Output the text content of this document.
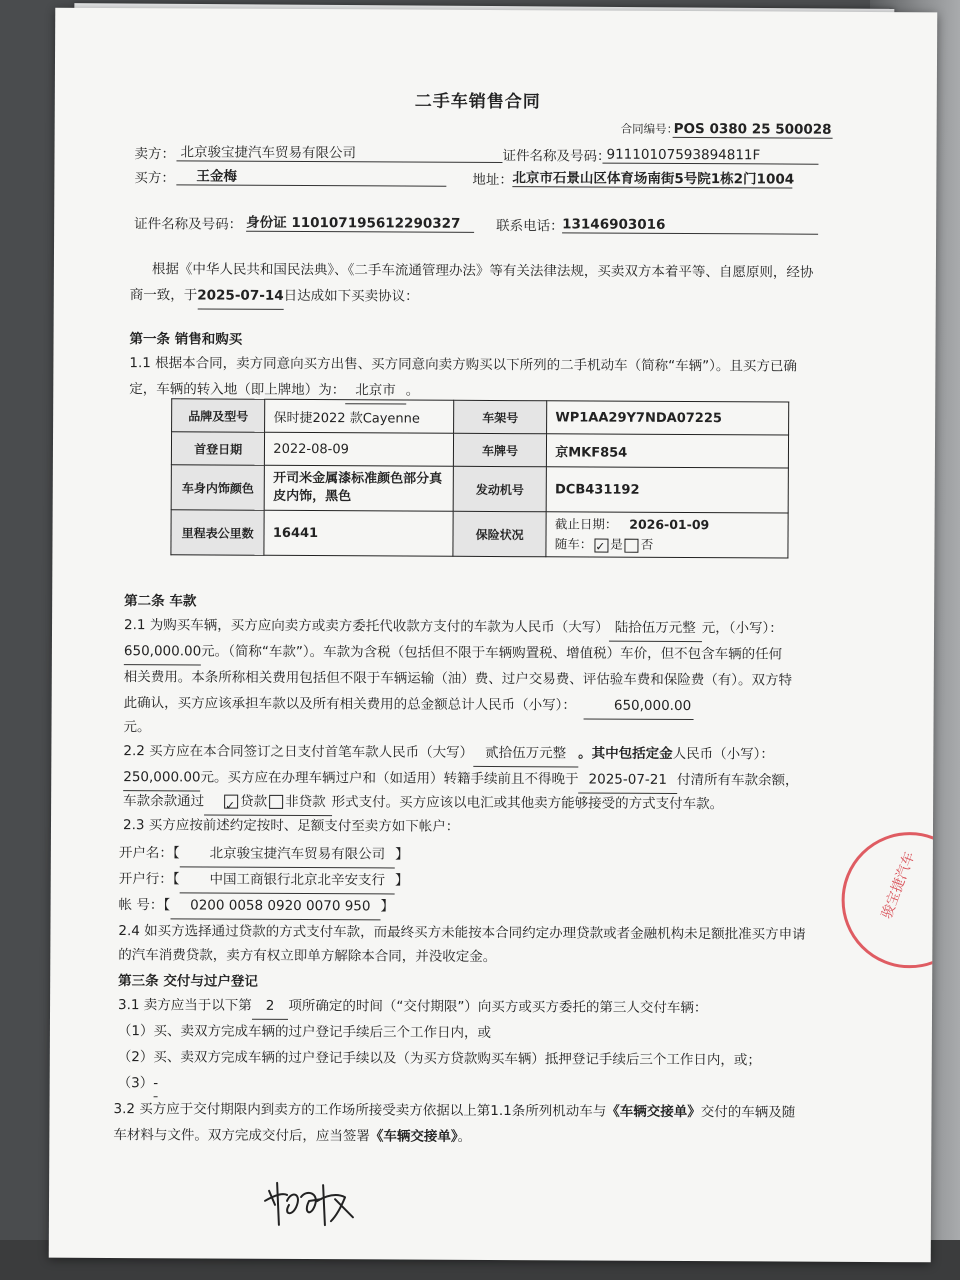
二手车销售合同
合同编号：
POS 0380 25 500028
卖方： 北京骏宝捷汽车贸易有限公司	证件名称及号码：
91110107593894811F
买方：	王金梅	地址： 北京市石景山区体育场南街5号院1栋2门1004
证件名称及号码： 身份证 110107195612290327	联系电话：
13146903016
根据《中华人民共和国民法典》、《二手车流通管理办法》等有关法律法规，买卖双方本着平等、自愿原则，经协
商一致，于2025-07-14日达成如下买卖协议：
第一条 销售和购买
1.1 根据本合同，卖方同意向买方出售、买方同意向卖方购买以下所列的二手机动车（简称“车辆”）。且买方已确
定，车辆的转入地（即上牌地）为： 北京市 。
品牌及型号	保时捷2022 款Cayenne	车架号	WP1AA29Y7NDA07225
首登日期	2022-08-09	车牌号	京MKF854
车身内饰颜色	开司米金属漆标准颜色部分真皮内饰，黑色	发动机号	DCB431192
里程表公里数	16441	保险状况	截止日期： 2026-01-09
随车： ✓ 是 否
第二条 车款
2.1 为购买车辆，买方应向卖方或卖方委托代收款方支付的车款为人民币（大写） 陆拾伍万元整 元，（小写）：
650,000.00元。（简称“车款”）。车款为含税（包括但不限于车辆购置税、增值税）车价，但不包含车辆的任何
相关费用。本条所称相关费用包括但不限于车辆运输（油）费、过户交易费、评估验车费和保险费（有）。双方特
此确认，买方应该承担车款以及所有相关费用的总金额总计人民币（小写）：	650,000.00
元。
2.2 买方应在本合同签订之日支付首笔车款人民币（大写） 贰拾伍万元整 。其中包括定金人民币（小写）：
250,000.00元。买方应在办理车辆过户和（如适用）转籍手续前且不得晚于 2025-07-21 付清所有车款余额，
车款余款通过 ✓	贷款 非贷款 形式支付。买方应该以电汇或其他卖方能够接受的方式支付车款。
2.3 买方应按前述约定按时、足额支付至卖方如下帐户：
开户名：【 北京骏宝捷汽车贸易有限公司 】
开户行：【 中国工商银行北京北辛安支行 】
帐 号：【 0200 0058 0920 0070 950 】
2.4 如买方选择通过贷款的方式支付车款，而最终买方未能按本合同约定办理贷款或者金融机构未足额批准买方申请
的汽车消费贷款，卖方有权立即单方解除本合同，并没收定金。
第三条 交付与过户登记
3.1 卖方应当于以下第 2 项所确定的时间（“交付期限”）向买方或买方委托的第三人交付车辆：
（1）买、卖双方完成车辆的过户登记手续后三个工作日内，或
（2）买、卖双方完成车辆的过户登记手续以及（为买方贷款购买车辆）抵押登记手续后三个工作日内，或；
（3）-
3.2 买方应于交付期限内到卖方的工作场所接受卖方依据以上第1.1条所列机动车与《车辆交接单》交付的车辆及随
车材料与文件。双方完成交付后，应当签署《车辆交接单》。
骏宝捷汽车
